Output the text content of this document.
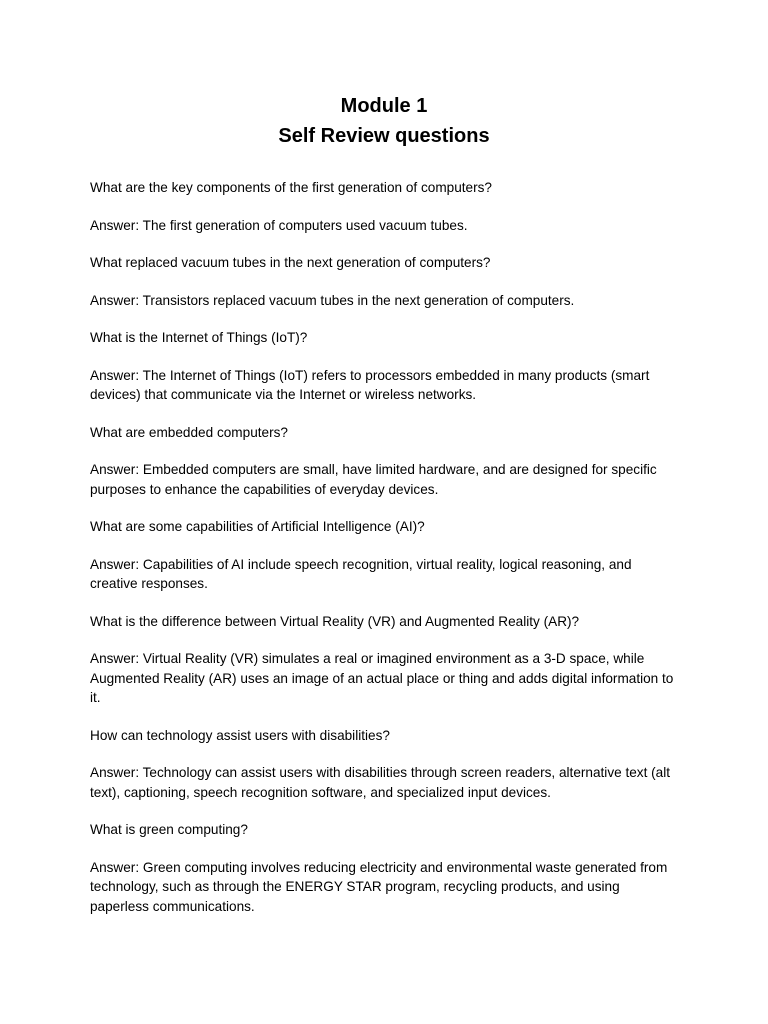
Module 1
Self Review questions

What are the key components of the first generation of computers?

Answer: The first generation of computers used vacuum tubes.

What replaced vacuum tubes in the next generation of computers?

Answer: Transistors replaced vacuum tubes in the next generation of computers.

What is the Internet of Things (IoT)?

Answer: The Internet of Things (IoT) refers to processors embedded in many products (smart devices) that communicate via the Internet or wireless networks.

What are embedded computers?

Answer: Embedded computers are small, have limited hardware, and are designed for specific purposes to enhance the capabilities of everyday devices.

What are some capabilities of Artificial Intelligence (AI)?

Answer: Capabilities of AI include speech recognition, virtual reality, logical reasoning, and creative responses.

What is the difference between Virtual Reality (VR) and Augmented Reality (AR)?

Answer: Virtual Reality (VR) simulates a real or imagined environment as a 3-D space, while Augmented Reality (AR) uses an image of an actual place or thing and adds digital information to it.

How can technology assist users with disabilities?

Answer: Technology can assist users with disabilities through screen readers, alternative text (alt text), captioning, speech recognition software, and specialized input devices.

What is green computing?

Answer: Green computing involves reducing electricity and environmental waste generated from technology, such as through the ENERGY STAR program, recycling products, and using paperless communications.
